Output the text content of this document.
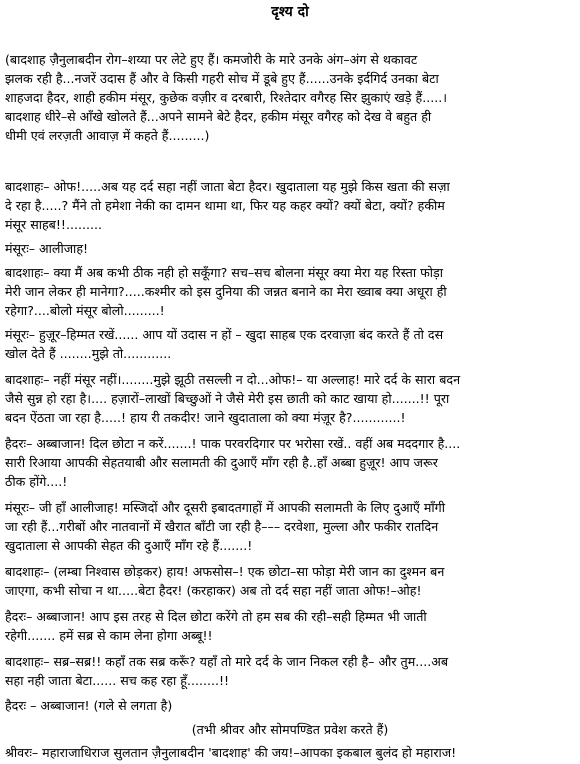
दृश्य दो
(बादशाह ज़ैनुलाबदीन रोग–शय्या पर लेटे हुए हैं। कमजोरी के मारे उनके अंग–अंग से थकावट
झलक रही है...नजरें उदास हैं और वे किसी गहरी सोच में डूबे हुए हैं......उनके इर्दगिर्द उनका बेटा
शाहजदा हैदर, शाही हकीम मंसूर, कुछेक वज़ीर व दरबारी, रिश्तेदार वगैरह सिर झुकाएं खड़े हैं.....।
बादशाह धीरे–से आँखे खोलते हैं...अपने सामने बेटे हैदर, हकीम मंसूर वगैरह को देख वे बहुत ही
धीमी एवं लरज़ती आवाज़ में कहते हैं.........)
बादशाहः– ओफ!.....अब यह दर्द सहा नहीं जाता बेटा हैदर। खुदाताला यह मुझे किस खता की सज़ा
दे रहा है.....? मैंने तो हमेशा नेकी का दामन थामा था, फिर यह कहर क्यों? क्यों बेटा, क्यों? हकीम
मंसूर साहब!!.........
मंसूरः– आलीजाह!
बादशाहः– क्या मैं अब कभी ठीक नही हो सकूँगा? सच–सच बोलना मंसूर क्या मेरा यह रिस्ता फोड़ा
मेरी जान लेकर ही मानेगा?.....कश्मीर को इस दुनिया की जन्नत बनाने का मेरा ख्वाब क्या अधूरा ही
रहेगा?....बोलो मंसूर बोलो.........!
मंसूरः– हुज़ूर–हिम्मत रखें...... आप यों उदास न हों – खुदा साहब एक दरवाज़ा बंद करते हैं तो दस
खोल देते हैं ........मुझे तो............
बादशाहः– नहीं मंसूर नहीं।........मुझे झूठी तसल्ली न दो...ओफ!– या अल्लाह! मारे दर्द के सारा बदन
जैसे सुन्न हो रहा है।.... हज़ारों–लाखों बिच्छुओं ने जैसे मेरी इस छाती को काट खाया हो.......!! पूरा
बदन ऐंठता जा रहा है.....! हाय री तकदीर! जाने खुदाताला को क्या मंज़ूर है?............!
हैदरः– अब्बाजान! दिल छोटा न करें.......! पाक परवरदिगार पर भरोसा रखें.. वहीं अब मददगार है....
सारी रिआया आपकी सेहतयाबी और सलामती की दुआएँ माँग रही है..हाँ अब्बा हुज़ूर! आप जरूर
ठीक होंगे....!
मंसूरः– जी हाँ आलीजाह! मस्जिदों और दूसरी इबादतगाहों में आपकी सलामती के लिए दुआएँ माँगी
जा रही हैं...गरीबों और नातवानों में खैरात बाँटी जा रही है––– दरवेशा, मुल्ला और फकीर रातदिन
खुदाताला से आपकी सेहत की दुआएँ माँग रहे हैं.......!
बादशाहः– (लम्बा निश्वास छोड़कर) हाय! अफसोस–! एक छोटा–सा फोड़ा मेरी जान का दुश्मन बन
जाएगा, कभी सोचा न था.....बेटा हैदर! (करहाकर) अब तो दर्द सहा नहीं जाता ओफ!–ओह!
हैदरः– अब्बाजान! आप इस तरह से दिल छोटा करेंगे तो हम सब की रही–सही हिम्मत भी जाती
रहेगी....... हमें सब्र से काम लेना होगा अब्बू!!
बादशाहः– सब्र–सब्र!! कहाँ तक सब्र करूँ? यहाँ तो मारे दर्द के जान निकल रही है– और तुम....अब
सहा नही जाता बेटा...... सच कह रहा हूँ........!!
हैदरः – अब्बाजान! (गले से लगता है)
(तभी श्रीवर और सोमपण्डित प्रवेश करते हैं)
श्रीवरः– महाराजाधिराज सुलतान ज़ैनुलाबदीन 'बादशाह' की जय!–आपका इकबाल बुलंद हो महाराज!
